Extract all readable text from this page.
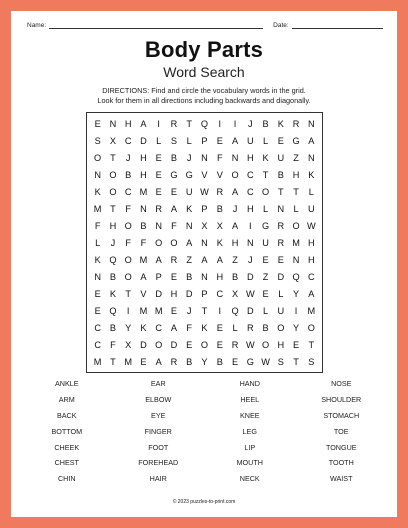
Name:	Date:
Body Parts
Word Search
DIRECTIONS: Find and circle the vocabulary words in the grid.
Look for them in all directions including backwards and diagonally.
E N H A	I	R T Q	I	I	J	B K R N
S X C D	L	S	L	P E A U	L	E G A
O T	J	H E B	J	N F N H K U Z N
N O B H E G G V V O C T	B H K
K O C M E E U W R A C O T	T	L
M T	F N R A K P B	J	H	L	N	L	U
F H O B N F N X X A	I	G R O W
L	J	F	F O O A N K H N U R M H
K Q O M A R Z	A A	Z	J	E E N H
N B O A P E B N H B D Z D Q C
E K	T	V D H D P C X W E	L	Y A
E Q	I	M M E	J	T	I	Q D	L	U	I	M
C B Y K C A	F	K E	L	R B O Y O
C F	X D O D E O E R W O H E	T
M T M E A R B Y B E G W S	T	S
ANKLE	EAR	HAND	NOSE
ARM	ELBOW	HEEL	SHOULDER
BACK	EYE	KNEE	STOMACH
BOTTOM	FINGER	LEG	TOE
CHEEK	FOOT	LIP	TONGUE
CHEST	FOREHEAD	MOUTH	TOOTH
CHIN	HAIR	NECK	WAIST
© 2023 puzzles-to-print.com
